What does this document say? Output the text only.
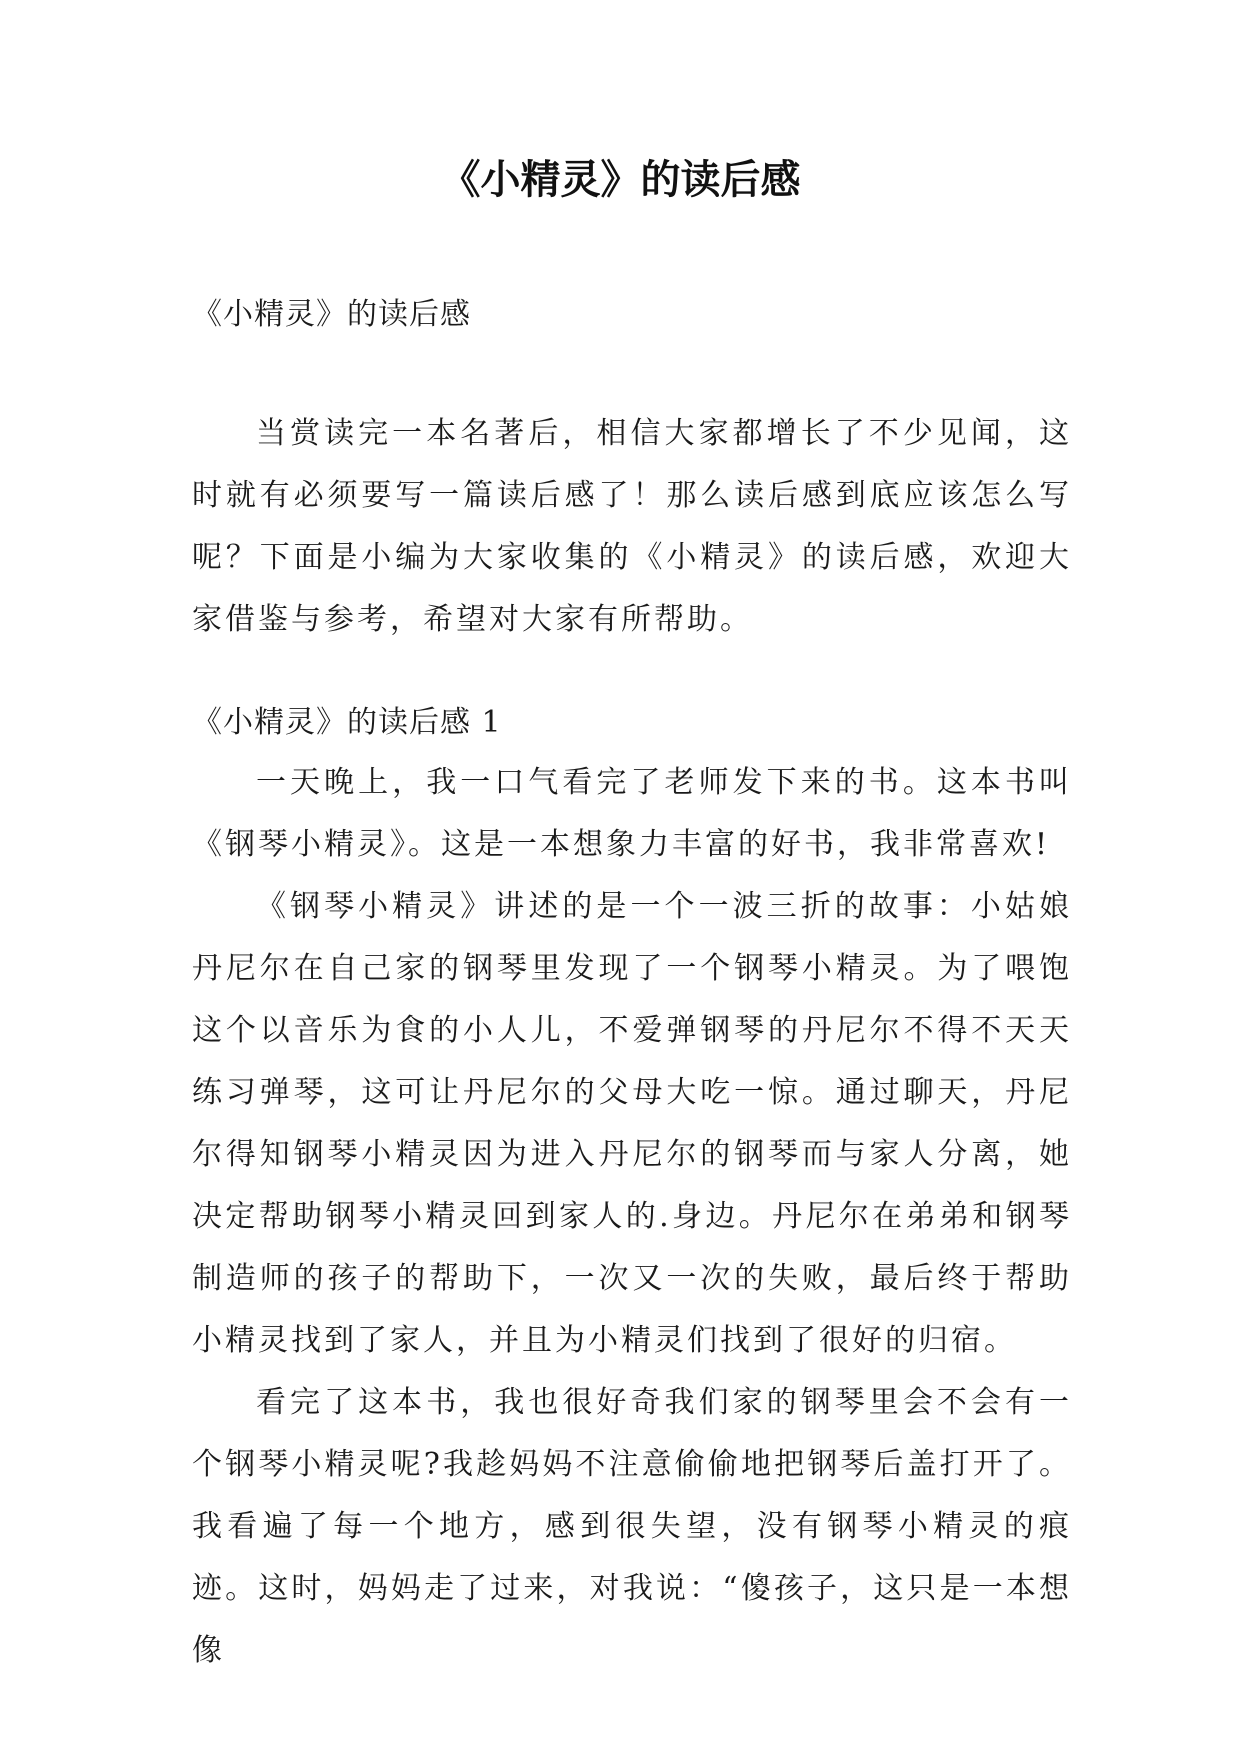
《小精灵》的读后感

《小精灵》的读后感

当赏读完一本名著后，相信大家都增长了不少见闻，这时就有必须要写一篇读后感了！那么读后感到底应该怎么写呢？下面是小编为大家收集的《小精灵》的读后感，欢迎大家借鉴与参考，希望对大家有所帮助。

《小精灵》的读后感 1

一天晚上，我一口气看完了老师发下来的书。这本书叫《钢琴小精灵》。这是一本想象力丰富的好书，我非常喜欢!

《钢琴小精灵》讲述的是一个一波三折的故事：小姑娘丹尼尔在自己家的钢琴里发现了一个钢琴小精灵。为了喂饱这个以音乐为食的小人儿，不爱弹钢琴的丹尼尔不得不天天练习弹琴，这可让丹尼尔的父母大吃一惊。通过聊天，丹尼尔得知钢琴小精灵因为进入丹尼尔的钢琴而与家人分离，她决定帮助钢琴小精灵回到家人的.身边。丹尼尔在弟弟和钢琴制造师的孩子的帮助下，一次又一次的失败，最后终于帮助小精灵找到了家人，并且为小精灵们找到了很好的归宿。

看完了这本书，我也很好奇我们家的钢琴里会不会有一个钢琴小精灵呢?我趁妈妈不注意偷偷地把钢琴后盖打开了。我看遍了每一个地方，感到很失望，没有钢琴小精灵的痕迹。这时，妈妈走了过来，对我说：“傻孩子，这只是一本想像
